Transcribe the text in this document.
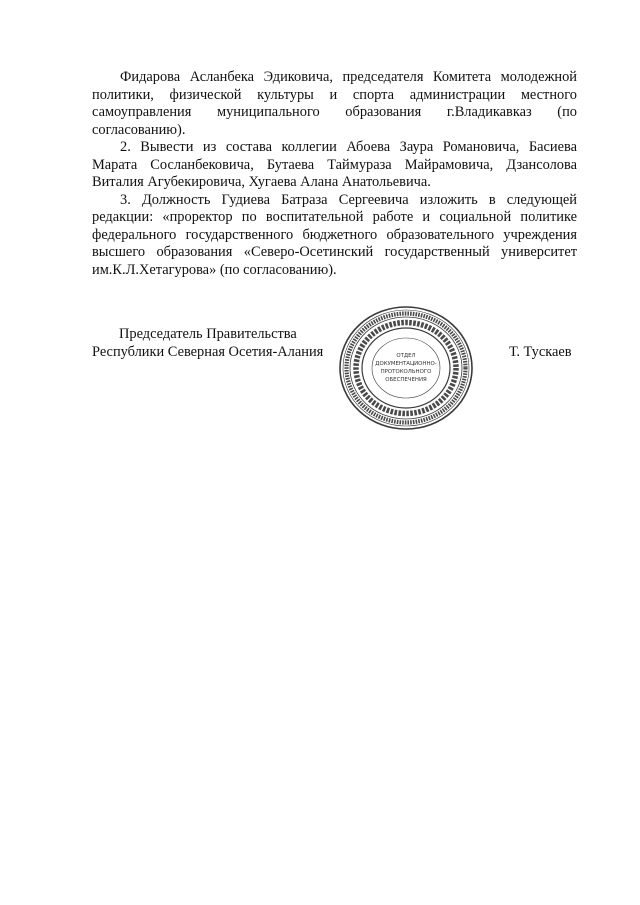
Фидарова Асланбека Эдиковича, председателя Комитета молодежной политики, физической культуры и спорта администрации местного самоуправления муниципального образования г.Владикавказ (по согласованию).

2. Вывести из состава коллегии Абоева Заура Романовича, Басиева Марата Сосланбековича, Бутаева Таймураза Майрамовича, Дзансолова Виталия Агубекировича, Хугаева Алана Анатольевича.

3. Должность Гудиева Батраза Сергеевича изложить в следующей редакции: «проректор по воспитательной работе и социальной политике федерального государственного бюджетного образовательного учреждения высшего образования «Северо-Осетинский государственный университет им.К.Л.Хетагурова» (по согласованию).

Председатель Правительства
Республики Северная Осетия-Алания	ОТДЕЛ
ДОКУМЕНТАЦИОННО-
ПРОТОКОЛЬНОГО
ОБЕСПЕЧЕНИЯ
Т. Тускаев
